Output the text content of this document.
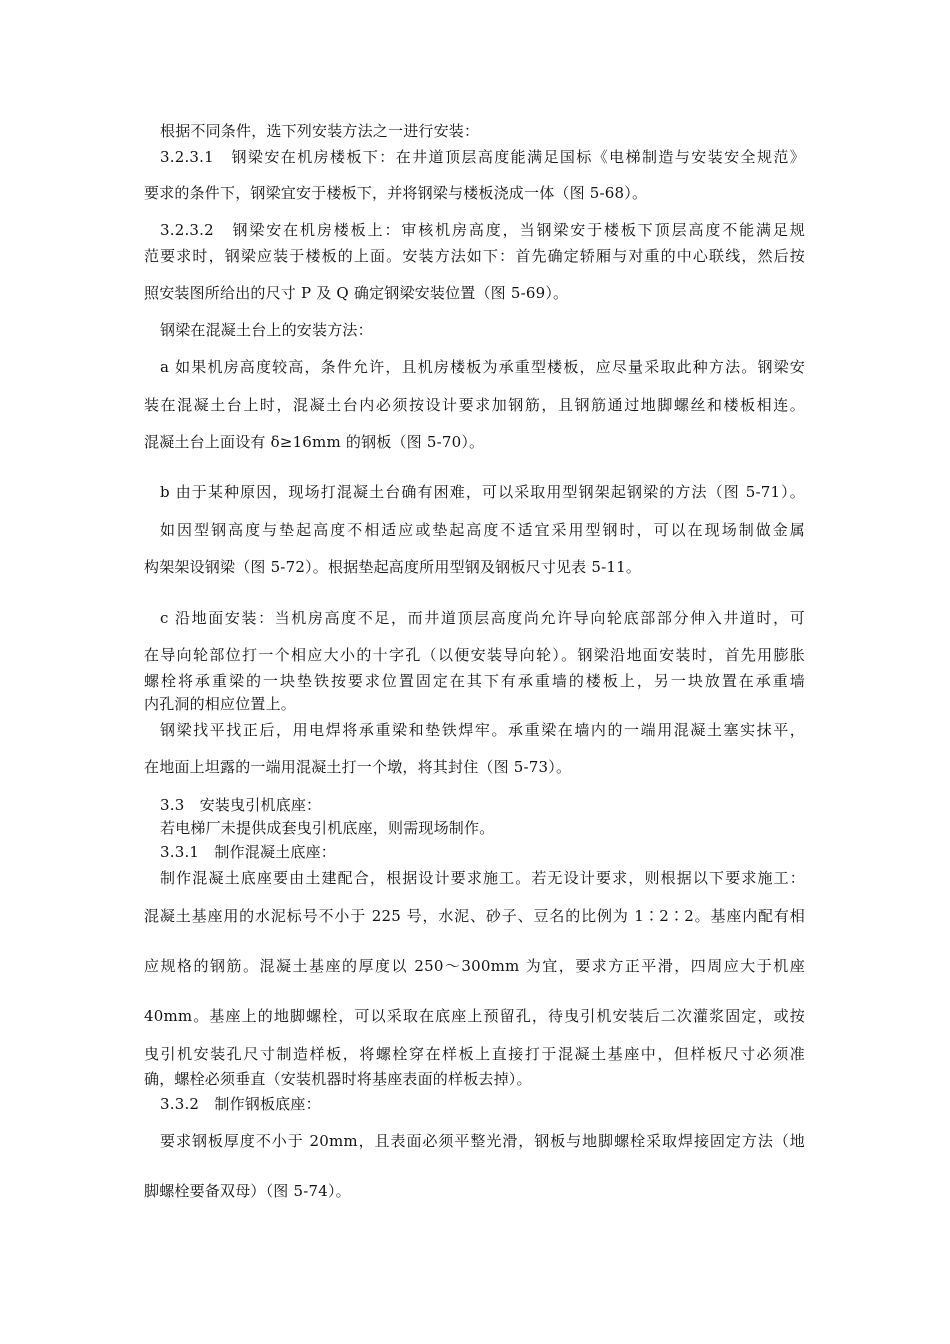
根据不同条件，选下列安装方法之一进行安装：
3.2.3.1　钢梁安在机房楼板下：在井道顶层高度能满足国标《电梯制造与安装安全规范》
要求的条件下，钢梁宜安于楼板下，并将钢梁与楼板浇成一体（图 5-68）。
3.2.3.2　钢梁安在机房楼板上：审核机房高度，当钢梁安于楼板下顶层高度不能满足规
范要求时，钢梁应装于楼板的上面。安装方法如下：首先确定轿厢与对重的中心联线，然后按
照安装图所给出的尺寸 P 及 Q 确定钢梁安装位置（图 5-69）。
钢梁在混凝土台上的安装方法：
a 如果机房高度较高，条件允许，且机房楼板为承重型楼板，应尽量采取此种方法。钢梁安
装在混凝土台上时，混凝土台内必须按设计要求加钢筋，且钢筋通过地脚螺丝和楼板相连。
混凝土台上面设有 δ≥16mm 的钢板（图 5-70）。
b 由于某种原因，现场打混凝土台确有困难，可以采取用型钢架起钢梁的方法（图 5-71）。
如因型钢高度与垫起高度不相适应或垫起高度不适宜采用型钢时，可以在现场制做金属
构架架设钢梁（图 5-72）。根据垫起高度所用型钢及钢板尺寸见表 5-11。
c 沿地面安装：当机房高度不足，而井道顶层高度尚允许导向轮底部部分伸入井道时，可
在导向轮部位打一个相应大小的十字孔（以便安装导向轮）。钢梁沿地面安装时，首先用膨胀
螺栓将承重梁的一块垫铁按要求位置固定在其下有承重墙的楼板上，另一块放置在承重墙
内孔洞的相应位置上。
钢梁找平找正后，用电焊将承重梁和垫铁焊牢。承重梁在墙内的一端用混凝土塞实抹平，
在地面上坦露的一端用混凝土打一个墩，将其封住（图 5-73）。
3.3　安装曳引机底座：
若电梯厂未提供成套曳引机底座，则需现场制作。
3.3.1　制作混凝土底座：
制作混凝土底座要由土建配合，根据设计要求施工。若无设计要求，则根据以下要求施工：
混凝土基座用的水泥标号不小于 225 号，水泥、砂子、豆名的比例为 1∶2∶2。基座内配有相
应规格的钢筋。混凝土基座的厚度以 250～300mm 为宜，要求方正平滑，四周应大于机座
40mm。基座上的地脚螺栓，可以采取在底座上预留孔，待曳引机安装后二次灌浆固定，或按
曳引机安装孔尺寸制造样板，将螺栓穿在样板上直接打于混凝土基座中，但样板尺寸必须准
确，螺栓必须垂直（安装机器时将基座表面的样板去掉）。
3.3.2　制作钢板底座：
要求钢板厚度不小于 20mm，且表面必须平整光滑，钢板与地脚螺栓采取焊接固定方法（地
脚螺栓要备双母）（图 5-74）。
